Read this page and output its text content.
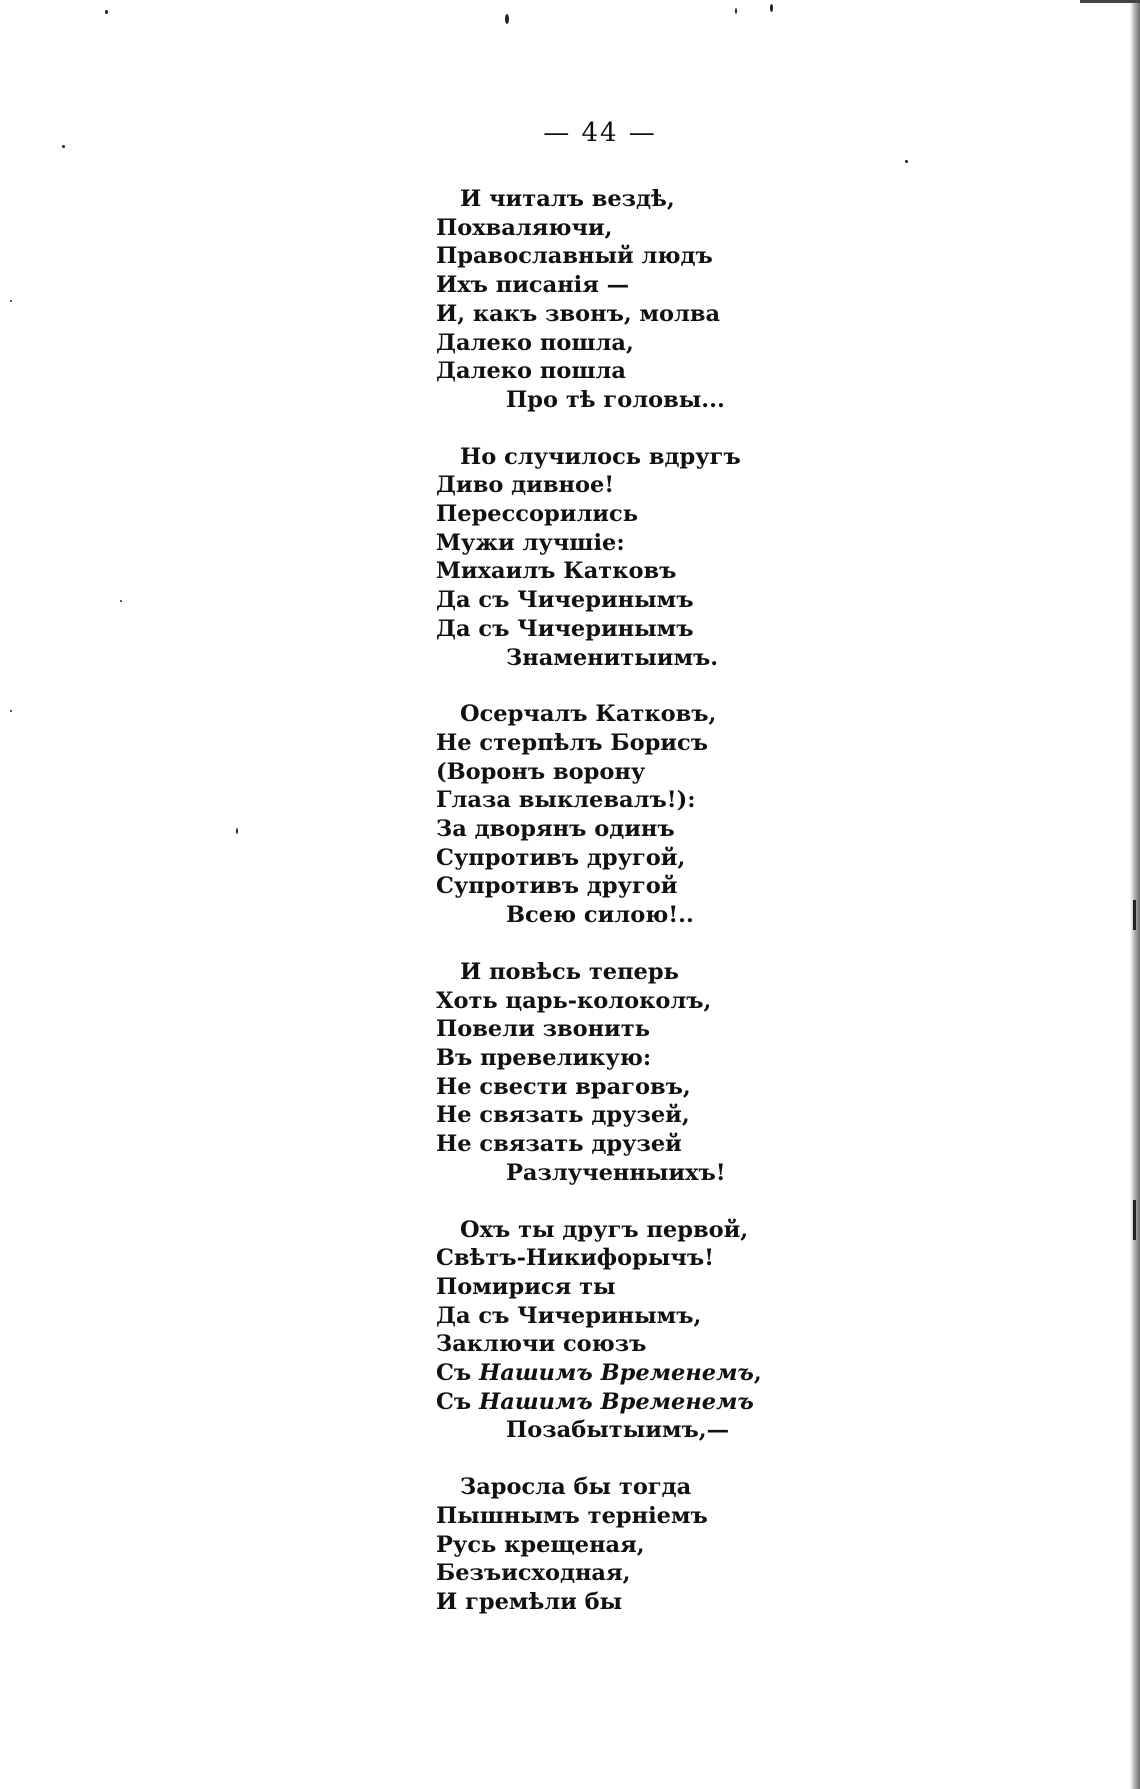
— 44 —
И читалъ вездѣ,
Похваляючи,
Православный людъ
Ихъ писанія —
И, какъ звонъ, молва
Далеко пошла,
Далеко пошла
Про тѣ головы...
Но случилось вдругъ
Диво дивное!
Перессорились
Мужи лучшіе:
Михаилъ Катковъ
Да съ Чичеринымъ
Да съ Чичеринымъ
Знаменитыимъ.
Осерчалъ Катковъ,
Не стерпѣлъ Борисъ
(Воронъ ворону
Глаза выклевалъ!):
За дворянъ одинъ
Супротивъ другой,
Супротивъ другой
Всею силою!..
И повѣсь теперь
Хоть царь-колоколъ,
Повели звонить
Въ превеликую:
Не свести враговъ,
Не связать друзей,
Не связать друзей
Разлученныихъ!
Охъ ты другъ первой,
Свѣтъ-Никифорычъ!
Помирися ты
Да съ Чичеринымъ,
Заключи союзъ
Съ Нашимъ Временемъ,
Съ Нашимъ Временемъ
Позабытыимъ,—
Заросла бы тогда
Пышнымъ терніемъ
Русь крещеная,
Безъисходная,
И гремѣли бы
